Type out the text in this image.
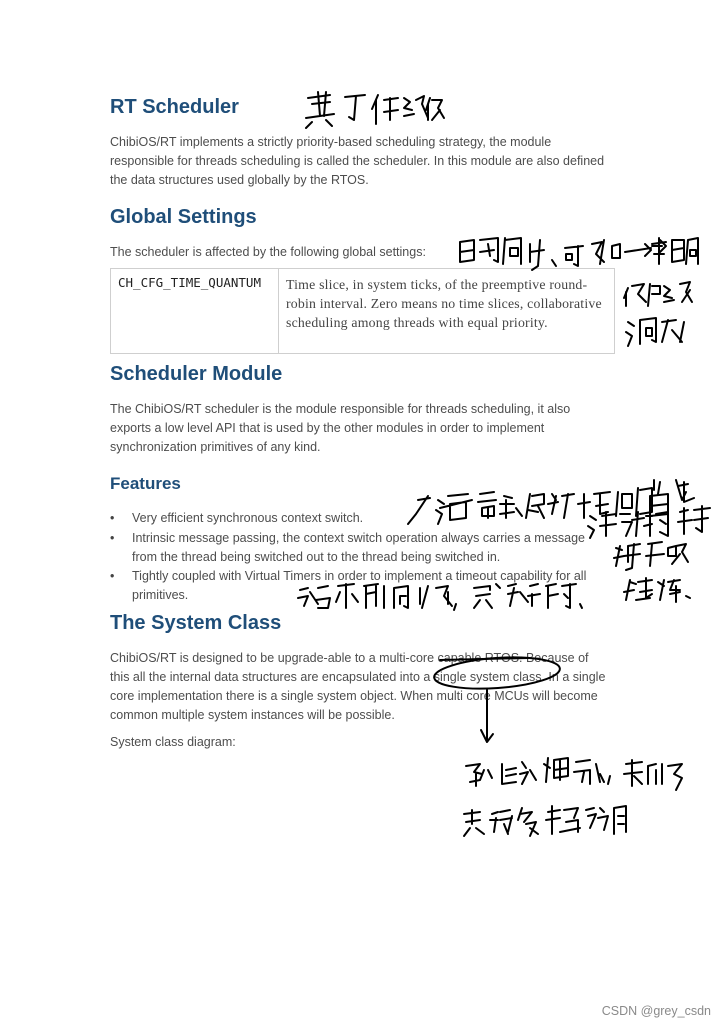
RT Scheduler

ChibiOS/RT implements a strictly priority-based scheduling strategy, the module responsible for threads scheduling is called the scheduler. In this module are also defined the data structures used globally by the RTOS.

Global Settings

The scheduler is affected by the following global settings:

CH_CFG_TIME_QUANTUM	Time slice, in system ticks, of the preemptive round-robin interval. Zero means no time slices, collaborative scheduling among threads with equal priority.
Scheduler Module

The ChibiOS/RT scheduler is the module responsible for threads scheduling, it also exports a low level API that is used by the other modules in order to implement synchronization primitives of any kind.

Features
• Very efficient synchronous context switch.
• Intrinsic message passing, the context switch operation always carries a message from the thread being switched out to the thread being switched in.
• Tightly coupled with Virtual Timers in order to implement a timeout capability for all primitives.
The System Class

ChibiOS/RT is designed to be upgrade-able to a multi-core capable RTOS. Because of this all the internal data structures are encapsulated into a single system class. In a single core implementation there is a single system object. When multi core MCUs will become common multiple system instances will be possible.

System class diagram:

CSDN @grey_csdn
